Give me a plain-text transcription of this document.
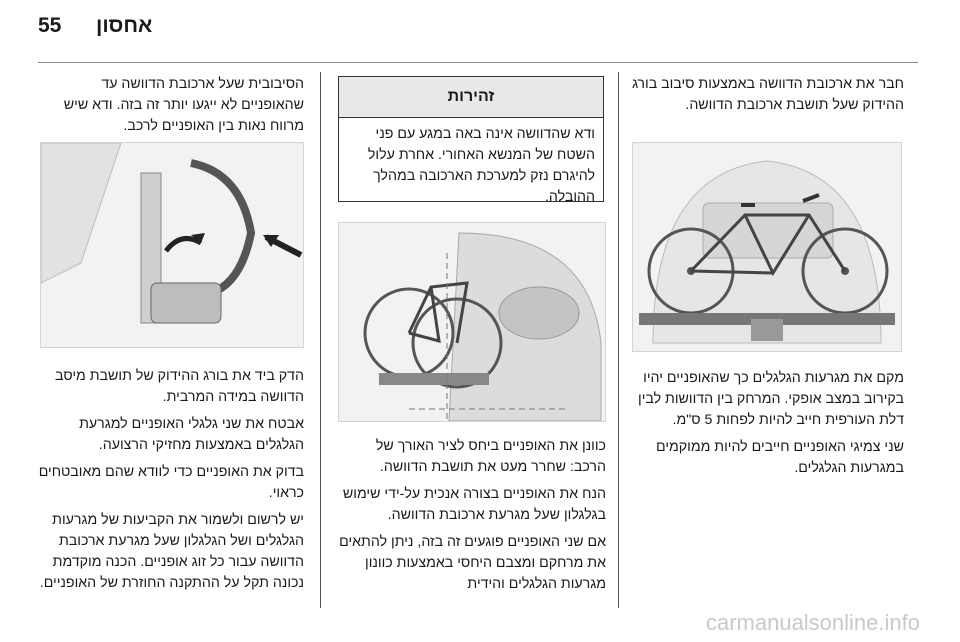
55 אחסון

חבר את ארכובת הדוושה באמצעות סיבוב בורג ההידוק שעל תושבת ארכובת הדוושה.

מקם את מגרעות הגלגלים כך שהאופניים יהיו בקירוב במצב אופקי. המרחק בין הדוושות לבין דלת העורפית חייב להיות לפחות 5 ס"מ.

שני צמיגי האופניים חייבים להיות ממוקמים במגרעות הגלגלים.

זהירות
ודא שהדוושה אינה באה במגע עם פני השטח של המנשא האחורי. אחרת עלול להיגרם נזק למערכת הארכובה במהלך ההובלה.

כוונן את האופניים ביחס לציר האורך של הרכב: שחרר מעט את תושבת הדוושה.

הנח את האופניים בצורה אנכית על-ידי שימוש בגלגלון שעל מגרעת ארכובת הדוושה.

אם שני האופניים פוגעים זה בזה, ניתן להתאים את מרחקם ומצבם היחסי באמצעות כוונון מגרעות הגלגלים והידית

הסיבובית שעל ארכובת הדוושה עד שהאופניים לא ייגעו יותר זה בזה. ודא שיש מרווח נאות בין האופניים לרכב.

הדק ביד את בורג ההידוק של תושבת מיסב הדוושה במידה המרבית.

אבטח את שני גלגלי האופניים למגרעת הגלגלים באמצעות מחזיקי הרצועה.

בדוק את האופניים כדי לוודא שהם מאובטחים כראוי.

יש לרשום ולשמור את הקביעות של מגרעות הגלגלים ושל הגלגלון שעל מגרעת ארכובת הדוושה עבור כל זוג אופניים. הכנה מוקדמת נכונה תקל על ההתקנה החוזרת של האופניים.

carmanualsonline.info
